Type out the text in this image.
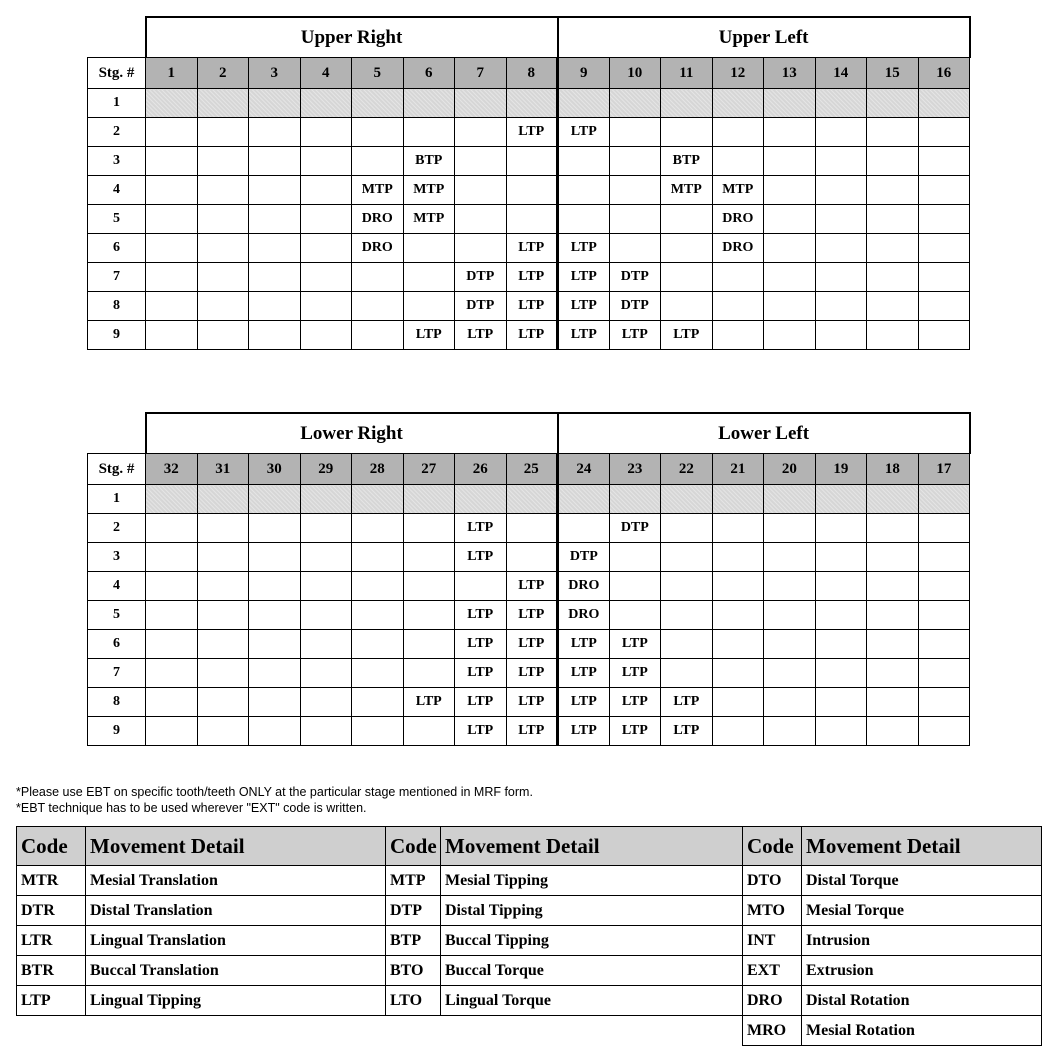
	Upper Right								Upper Left							
Stg. #	1	2	3	4	5	6	7	8	9	10	11	12	13	14	15	16
1																
2								LTP	LTP							
3						BTP					BTP					
4					MTP	MTP					MTP	MTP				
5					DRO	MTP						DRO				
6					DRO			LTP	LTP			DRO				
7							DTP	LTP	LTP	DTP						
8							DTP	LTP	LTP	DTP						
9						LTP	LTP	LTP	LTP	LTP	LTP					
	Lower Right								Lower Left							
Stg. #	32	31	30	29	28	27	26	25	24	23	22	21	20	19	18	17
1																
2							LTP			DTP						
3							LTP		DTP							
4								LTP	DRO							
5							LTP	LTP	DRO							
6							LTP	LTP	LTP	LTP						
7							LTP	LTP	LTP	LTP						
8						LTP	LTP	LTP	LTP	LTP	LTP					
9							LTP	LTP	LTP	LTP	LTP					
*Please use EBT on specific tooth/teeth ONLY at the particular stage mentioned in MRF form.
*EBT technique has to be used wherever "EXT" code is written.
Code	Movement Detail	Code	Movement Detail	Code	Movement Detail
MTR	Mesial Translation	MTP	Mesial Tipping	DTO	Distal Torque
DTR	Distal Translation	DTP	Distal Tipping	MTO	Mesial Torque
LTR	Lingual Translation	BTP	Buccal Tipping	INT	Intrusion
BTR	Buccal Translation	BTO	Buccal Torque	EXT	Extrusion
LTP	Lingual Tipping	LTO	Lingual Torque	DRO	Distal Rotation
				MRO	Mesial Rotation
